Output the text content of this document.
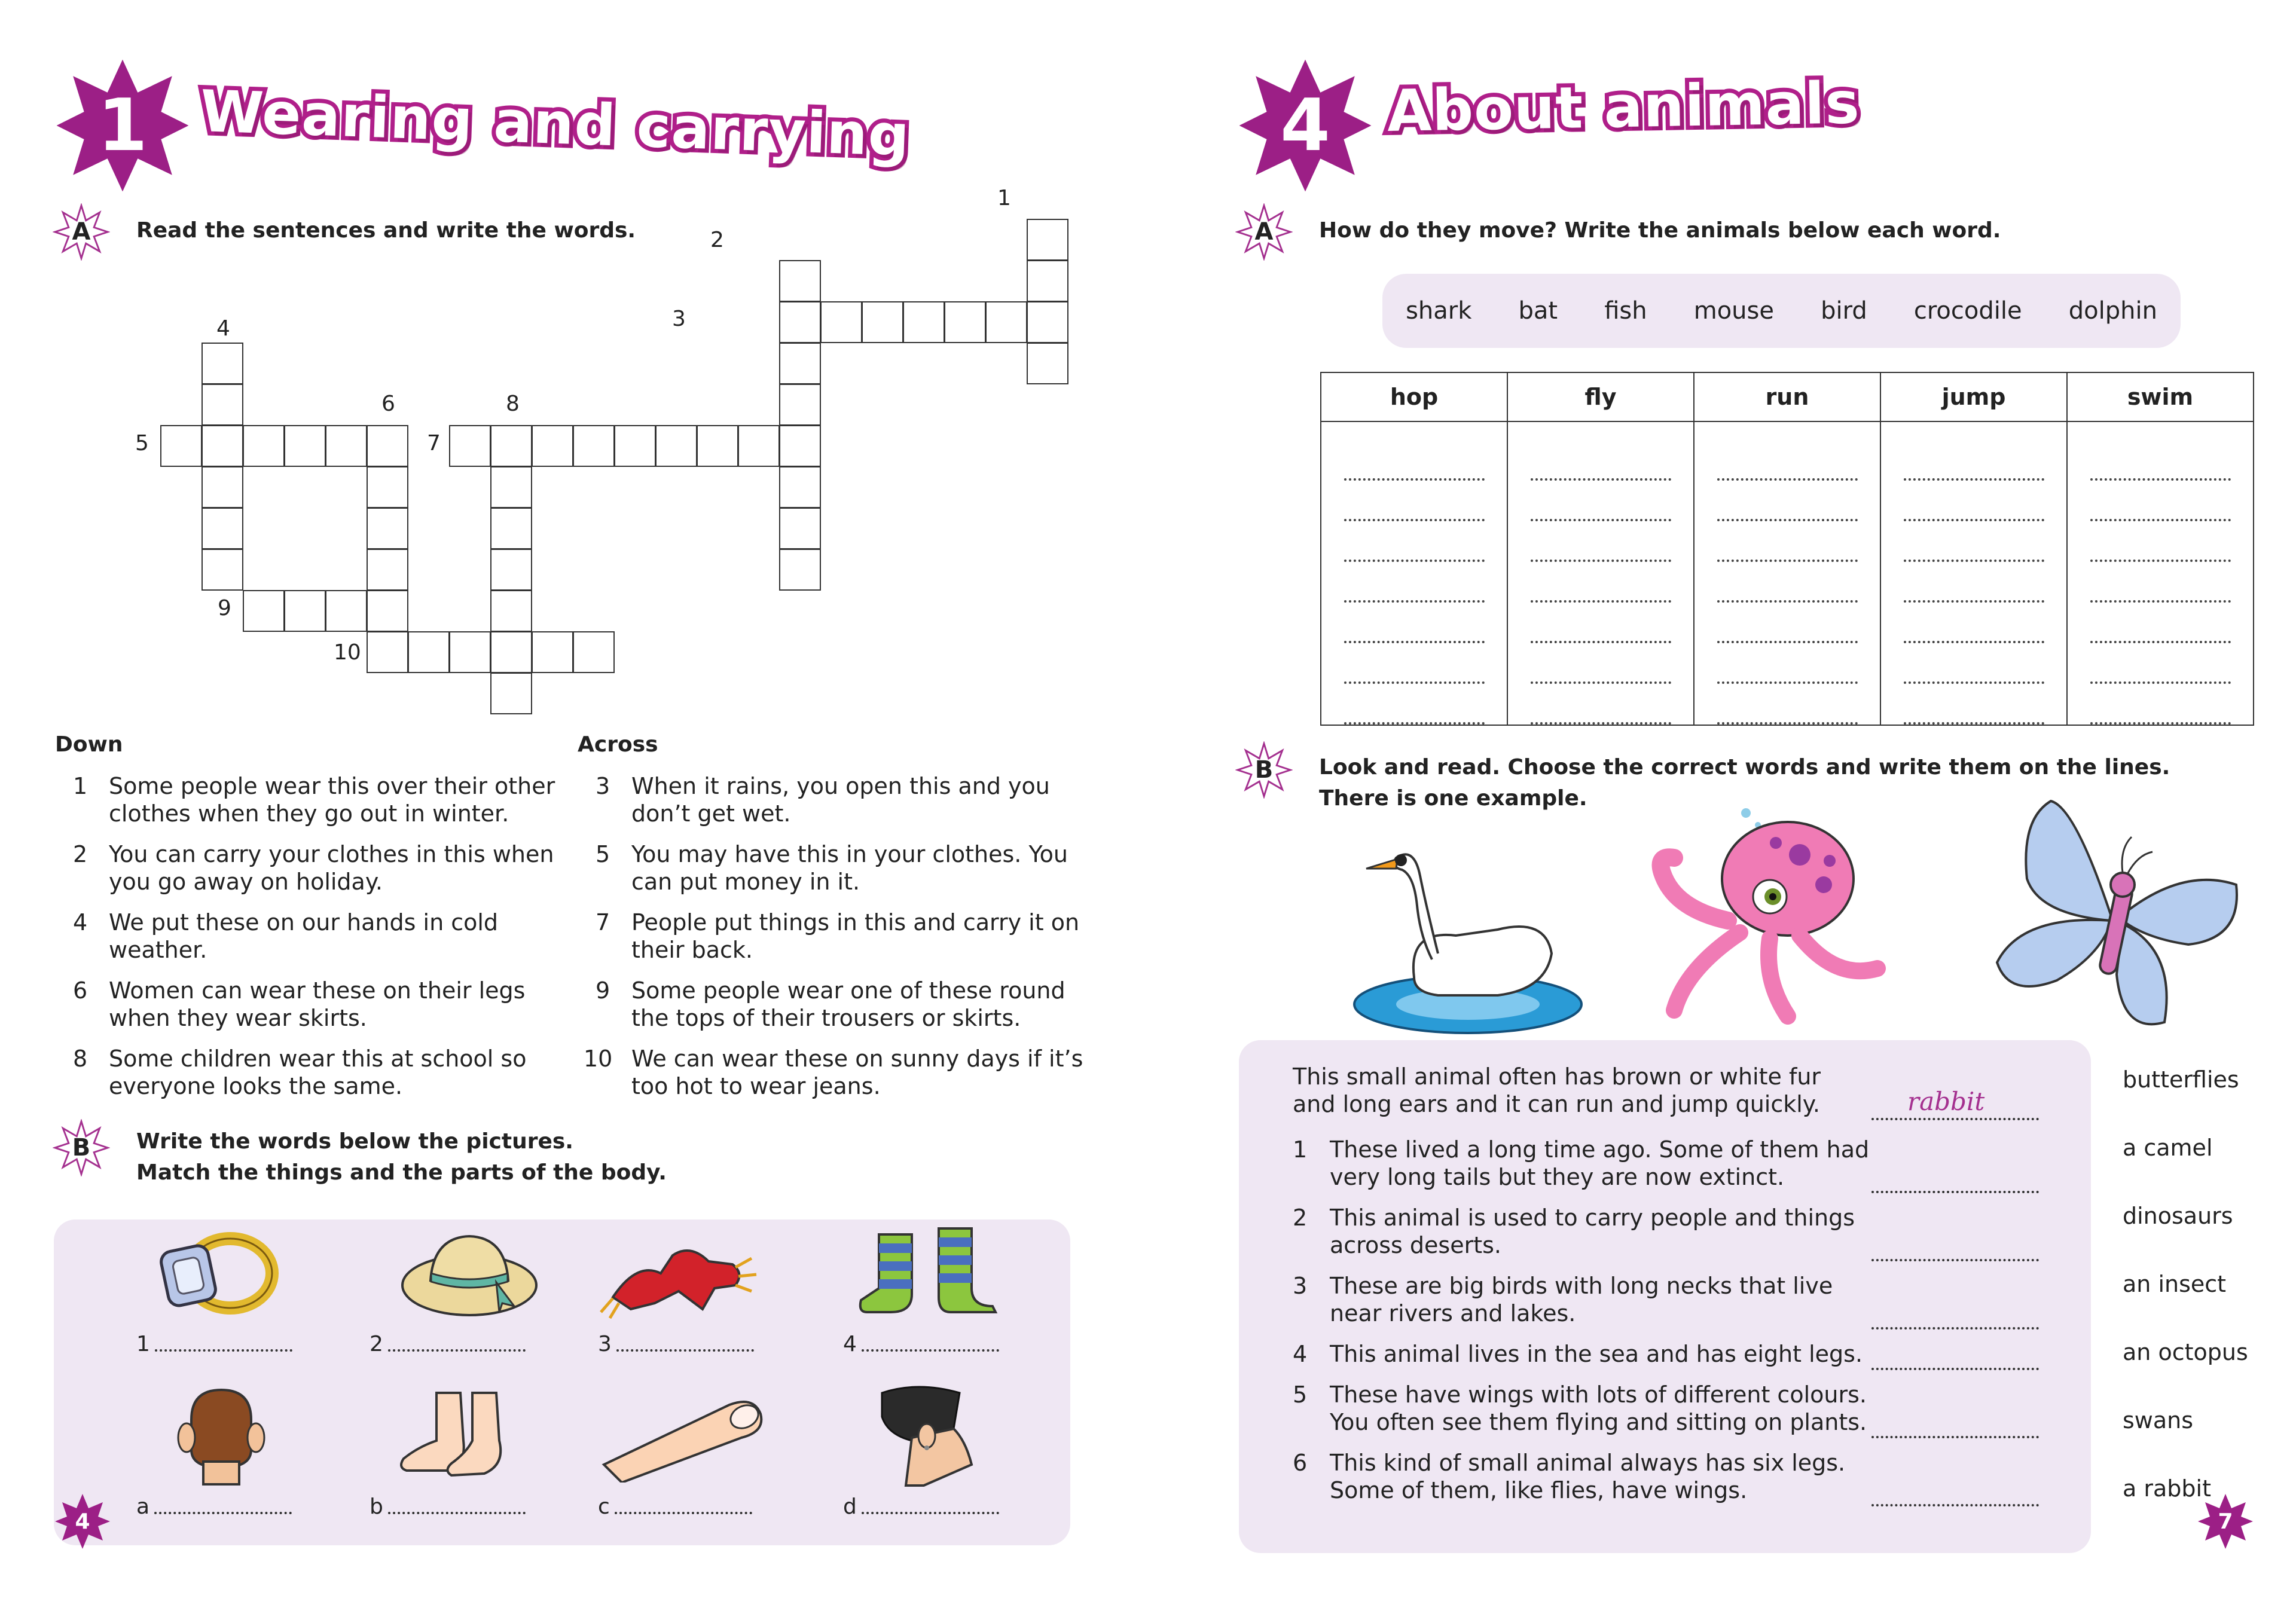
1 Wearing and carrying
A	Read the sentences and write the words.
1
2
3
4
5
6
7
8
9
10
Down	Across
1 Some people wear this over their other clothes when they go out in winter.
2 You can carry your clothes in this when you go away on holiday.
4 We put these on our hands in cold weather.
6 Women can wear these on their legs when they wear skirts.
8 Some children wear this at school so everyone looks the same.
3 When it rains, you open this and you don’t get wet.
5 You may have this in your clothes. You can put money in it.
7 People put things in this and carry it on their back.
9 Some people wear one of these round the tops of their trousers or skirts.
10 We can wear these on sunny days if it’s too hot to wear jeans.
B	Write the words below the pictures.
Match the things and the parts of the body.
1	2	3	4
a	b	c	d
4
4 About animals
A	How do they move? Write the animals below each word.
shark bat fish mouse bird crocodile dolphin
hop	fly	run	jump	swim

B	Look and read. Choose the correct words and write them on the lines.
There is one example.
This small animal often has brown or white fur
and long ears and it can run and jump quickly.	rabbit
1 These lived a long time ago. Some of them had
very long tails but they are now extinct.
2 This animal is used to carry people and things
across deserts.
3 These are big birds with long necks that live
near rivers and lakes.
4 This animal lives in the sea and has eight legs.
5 These have wings with lots of different colours.
You often see them flying and sitting on plants.
6 This kind of small animal always has six legs.
Some of them, like flies, have wings.
butterflies
a camel
dinosaurs
an insect
an octopus
swans
a rabbit
7
